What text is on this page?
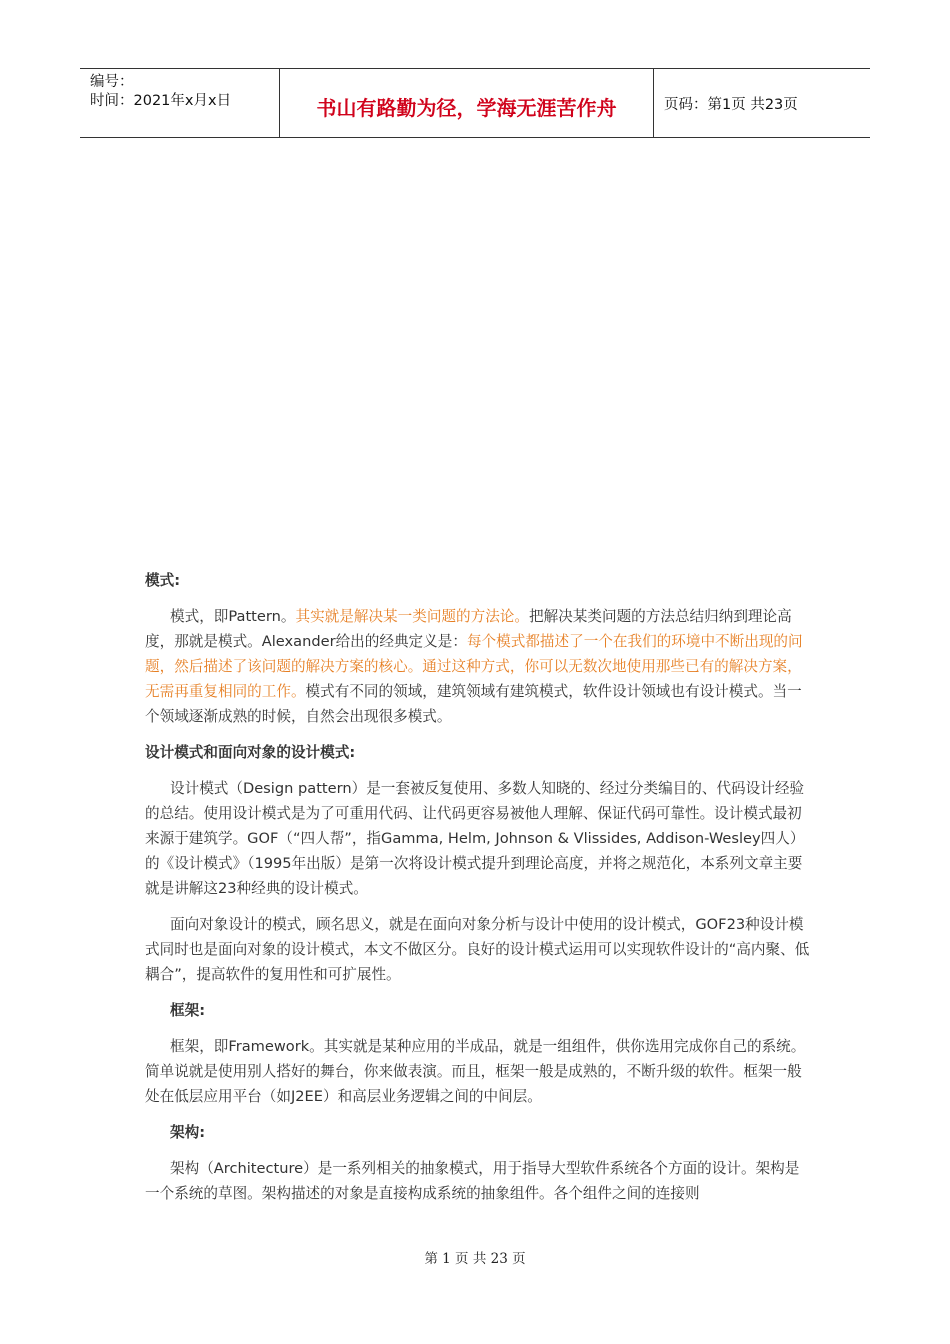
编号：
时间：2021年x月x日	书山有路勤为径，学海无涯苦作舟	页码：第1页 共23页

模式:

模式，即Pattern。其实就是解决某一类问题的方法论。把解决某类问题的方法总结归纳到理论高度，那就是模式。Alexander给出的经典定义是：每个模式都描述了一个在我们的环境中不断出现的问题，然后描述了该问题的解决方案的核心。通过这种方式，你可以无数次地使用那些已有的解决方案，无需再重复相同的工作。模式有不同的领域，建筑领域有建筑模式，软件设计领域也有设计模式。当一个领域逐渐成熟的时候，自然会出现很多模式。

设计模式和面向对象的设计模式:

设计模式（Design pattern）是一套被反复使用、多数人知晓的、经过分类编目的、代码设计经验的总结。使用设计模式是为了可重用代码、让代码更容易被他人理解、保证代码可靠性。设计模式最初来源于建筑学。GOF（“四人帮”，指Gamma, Helm, Johnson & Vlissides, Addison-Wesley四人）的《设计模式》（1995年出版）是第一次将设计模式提升到理论高度，并将之规范化，本系列文章主要就是讲解这23种经典的设计模式。

面向对象设计的模式，顾名思义，就是在面向对象分析与设计中使用的设计模式，GOF23种设计模式同时也是面向对象的设计模式，本文不做区分。良好的设计模式运用可以实现软件设计的“高内聚、低耦合”，提高软件的复用性和可扩展性。

框架:

框架，即Framework。其实就是某种应用的半成品，就是一组组件，供你选用完成你自己的系统。简单说就是使用别人搭好的舞台，你来做表演。而且，框架一般是成熟的，不断升级的软件。框架一般处在低层应用平台（如J2EE）和高层业务逻辑之间的中间层。

架构:

架构（Architecture）是一系列相关的抽象模式，用于指导大型软件系统各个方面的设计。架构是一个系统的草图。架构描述的对象是直接构成系统的抽象组件。各个组件之间的连接则

第 1 页 共 23 页
